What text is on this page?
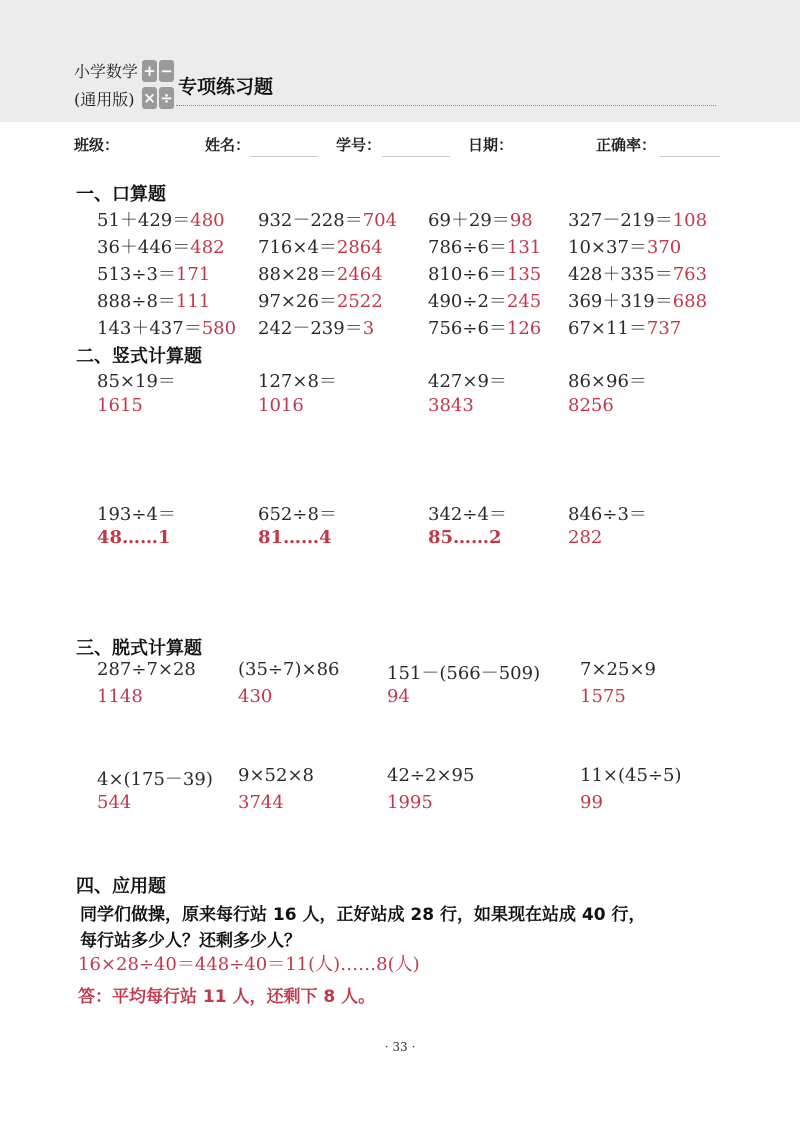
小学数学
(通用版)
+ −
× ÷ 专项练习题
班级：	姓名：	学号：	日期：	正确率：
一、口算题
51＋429＝480 932－228＝704 69＋29＝98 327－219＝108
36＋446＝482 716×4＝2864	786÷6＝131 10×37＝370
513÷3＝171	88×28＝2464	810÷6＝135 428＋335＝763
888÷8＝111	97×26＝2522	490÷2＝245 369＋319＝688
143＋437＝580 242－239＝3	756÷6＝126 67×11＝737
二、竖式计算题
85×19＝	127×8＝	427×9＝	86×96＝
1615	1016	3843	8256
193÷4＝	652÷8＝	342÷4＝	846÷3＝
48……1	81……4	85……2	282
三、脱式计算题
287÷7×28 (35÷7)×86	151－(566－509) 7×25×9
1148	430	94	1575
4×(175－39) 9×52×8	42÷2×95	11×(45÷5)
544	3744	1995	99
四、应用题
同学们做操，原来每行站 16 人，正好站成 28 行，如果现在站成 40 行，
每行站多少人？还剩多少人？
16×28÷40＝448÷40＝11(人)……8(人)
答：平均每行站 11 人，还剩下 8 人。
· 33 ·
